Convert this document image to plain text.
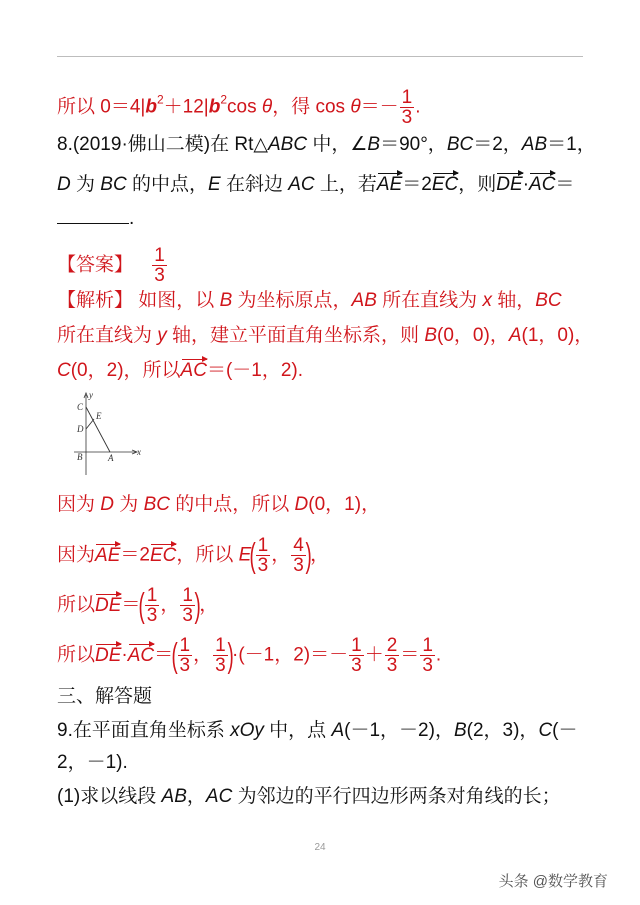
所以 $0=4|b^2+12|b^2\cos$ θ，得 $\cos \theta=- \frac{1}{3}$ .
8.(2019·佛山二模)在 Rt△ABC 中，∠B＝90°，BC＝2，AB＝1，
D 为 BC 的中点，E 在斜边 AC 上，若AE＝2EC，则DE·AC＝
.
【答案】 $\frac{1}{3}$
【解析】 如图，以 B 为坐标原点，AB 所在直线为 x 轴，BC
所在直线为 y 轴，建立平面直角坐标系，则 B(0，0)，A(1，0)，
C(0，2)，所以AC＝(－1，2).
y
x
C
E
D
B	A
因为 D 为 BC 的中点，所以 D(0，1)，
因为AE＝2EC，所以 $E( \frac{1}{3}$ ， $\frac{4}{3}$ )，
所以$DE=( \frac{1}{3}$ ， $\frac{1}{3}$ )，
所以$DE\cdot AC=( \frac{1}{3}$ ， $\frac{1}{3} )\cdot(-1$，$2)=- \frac{1}{3} + \frac{2}{3} = \frac{1}{3}$ .
三、解答题
9.在平面直角坐标系 xOy 中，点 A(－1，－2)，B(2，3)，C(－
2，－1).
(1)求以线段 AB，AC 为邻边的平行四边形两条对角线的长；
24
头条 @数学教育
